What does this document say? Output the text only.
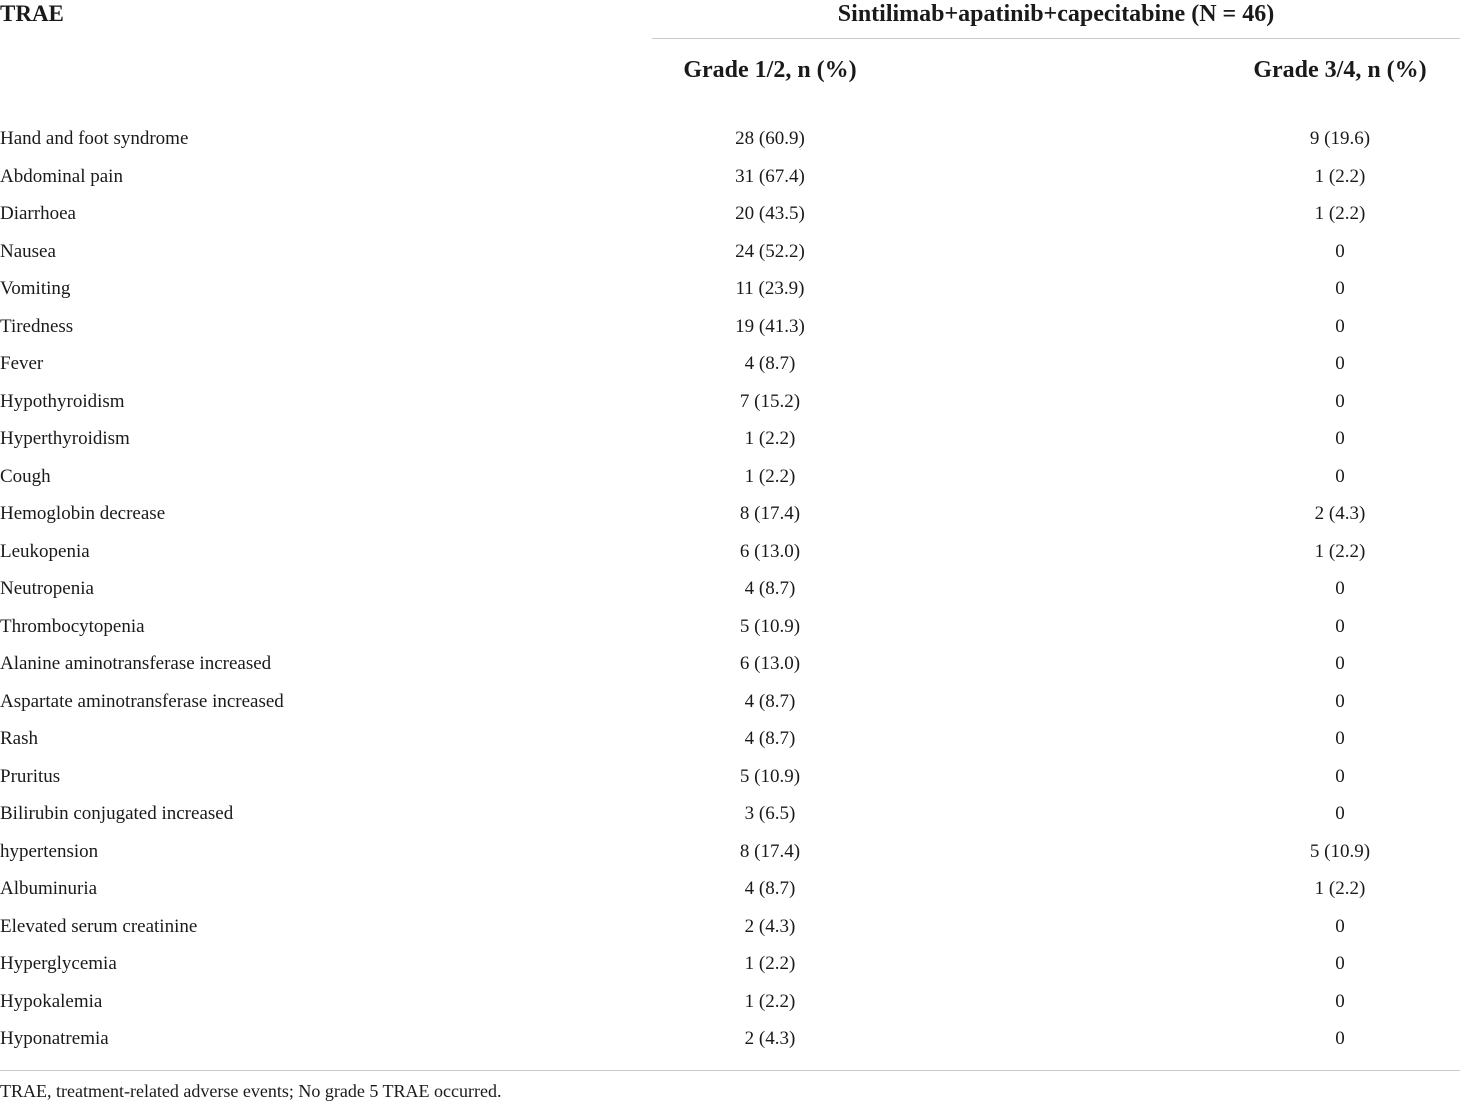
TRAE	Sintilimab+apatinib+capecitabine (N = 46)
Grade 1/2, n (%)	Grade 3/4, n (%)
Hand and foot syndrome	28 (60.9)	9 (19.6)
Abdominal pain	31 (67.4)	1 (2.2)
Diarrhoea	20 (43.5)	1 (2.2)
Nausea	24 (52.2)	0
Vomiting	11 (23.9)	0
Tiredness	19 (41.3)	0
Fever	4 (8.7)	0
Hypothyroidism	7 (15.2)	0
Hyperthyroidism	1 (2.2)	0
Cough	1 (2.2)	0
Hemoglobin decrease	8 (17.4)	2 (4.3)
Leukopenia	6 (13.0)	1 (2.2)
Neutropenia	4 (8.7)	0
Thrombocytopenia	5 (10.9)	0
Alanine aminotransferase increased	6 (13.0)	0
Aspartate aminotransferase increased	4 (8.7)	0
Rash	4 (8.7)	0
Pruritus	5 (10.9)	0
Bilirubin conjugated increased	3 (6.5)	0
hypertension	8 (17.4)	5 (10.9)
Albuminuria	4 (8.7)	1 (2.2)
Elevated serum creatinine	2 (4.3)	0
Hyperglycemia	1 (2.2)	0
Hypokalemia	1 (2.2)	0
Hyponatremia	2 (4.3)	0
TRAE, treatment-related adverse events; No grade 5 TRAE occurred.
